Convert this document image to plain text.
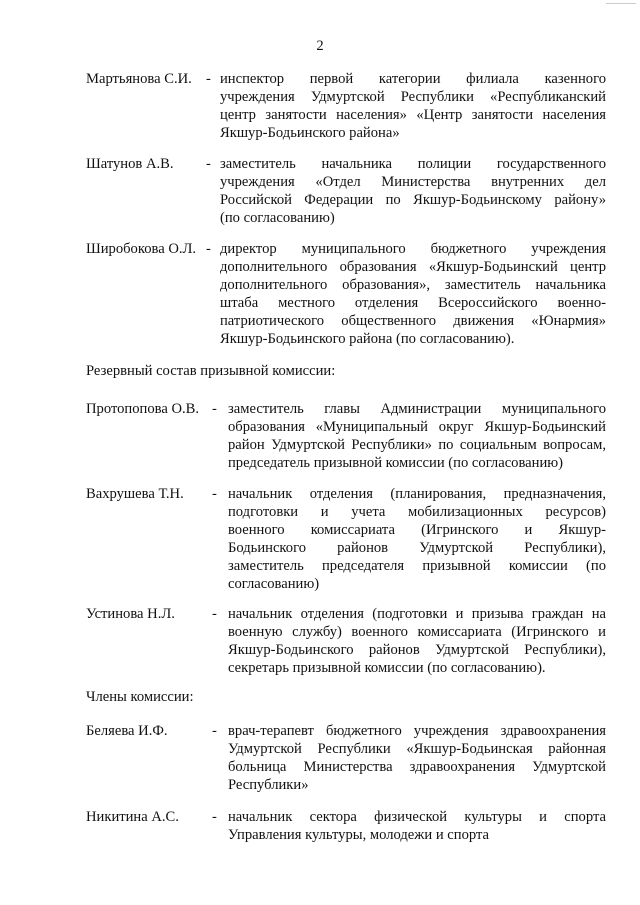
2
Мартьянова С.И. - инспектор первой категории филиала казенного
учреждения Удмуртской Республики «Республиканский
центр занятости населения» «Центр занятости населения
Якшур-Бодьинского района»
Шатунов А.В. - заместитель начальника полиции государственного
учреждения «Отдел Министерства внутренних дел
Российской Федерации по Якшур-Бодьинскому району»
(по согласованию)
Широбокова О.Л. - директор муниципального бюджетного учреждения
дополнительного образования «Якшур-Бодьинский центр
дополнительного образования», заместитель начальника
штаба местного отделения Всероссийского военно-
патриотического общественного движения «Юнармия»
Якшур-Бодьинского района (по согласованию).
Резервный состав призывной комиссии:
Протопопова О.В. - заместитель главы Администрации муниципального
образования «Муниципальный округ Якшур-Бодьинский
район Удмуртской Республики» по социальным вопросам,
председатель призывной комиссии (по согласованию)
Вахрушева Т.Н. - начальник отделения (планирования, предназначения,
подготовки и учета мобилизационных ресурсов)
военного комиссариата (Игринского и Якшур-
Бодьинского районов Удмуртской Республики),
заместитель председателя призывной комиссии (по
согласованию)
Устинова Н.Л.	- начальник отделения (подготовки и призыва граждан на
военную службу) военного комиссариата (Игринского и
Якшур-Бодьинского районов Удмуртской Республики),
секретарь призывной комиссии (по согласованию).
Члены комиссии:
Беляева И.Ф.	- врач-терапевт бюджетного учреждения здравоохранения
Удмуртской Республики «Якшур-Бодьинская районная
больница Министерства здравоохранения Удмуртской
Республики»
Никитина А.С. - начальник сектора физической культуры и спорта
Управления культуры, молодежи и спорта
